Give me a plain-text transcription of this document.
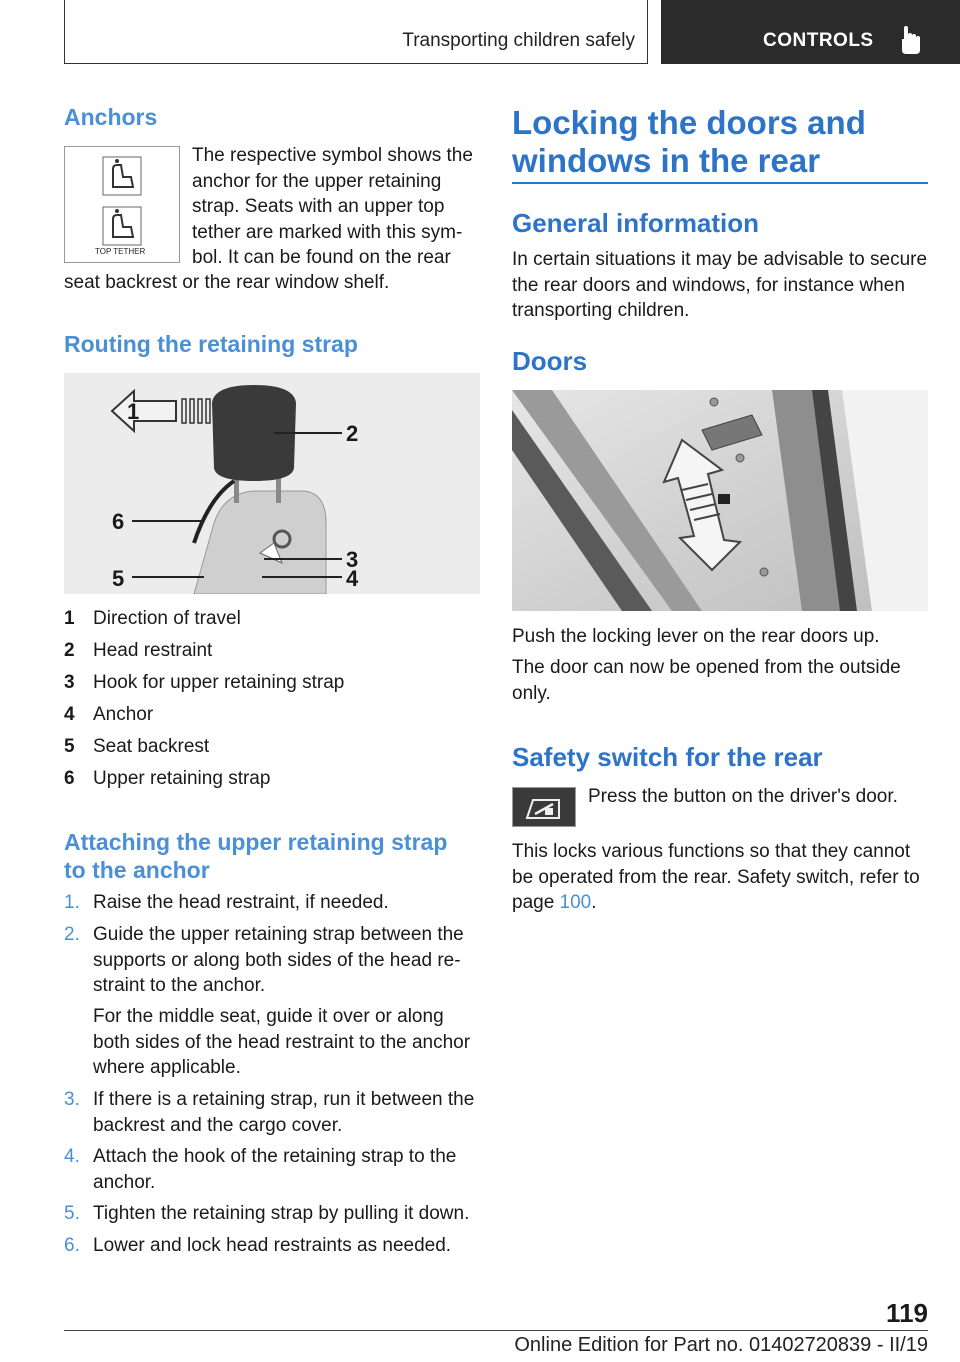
Transporting children safely	CONTROLS
Anchors
TOP TETHER
The respective symbol shows the
anchor for the upper retaining
strap. Seats with an upper top
tether are marked with this sym-
bol. It can be found on the rear
seat backrest or the rear window shelf.
Routing the retaining strap
1
2
3
4
5
6
1 Direction of travel
2 Head restraint
3 Hook for upper retaining strap
4 Anchor
5 Seat backrest
6 Upper retaining strap
Attaching the upper retaining strap
to the anchor
1. Raise the head restraint, if needed.
2. Guide the upper retaining strap between the supports or along both sides of the head restraint to the anchor.
For the middle seat, guide it over or along both sides of the head restraint to the anchor where applicable.
3. If there is a retaining strap, run it between the backrest and the cargo cover.
4. Attach the hook of the retaining strap to the anchor.
5. Tighten the retaining strap by pulling it down.
6. Lower and lock head restraints as needed.
Locking the doors and
windows in the rear
General information
In certain situations it may be advisable to secure the rear doors and windows, for instance when transporting children.
Doors
Push the locking lever on the rear doors up.
The door can now be opened from the outside only.
Safety switch for the rear
Press the button on the driver's door.
This locks various functions so that they cannot be operated from the rear. Safety switch, refer to page 100.
119
Online Edition for Part no. 01402720839 - II/19
